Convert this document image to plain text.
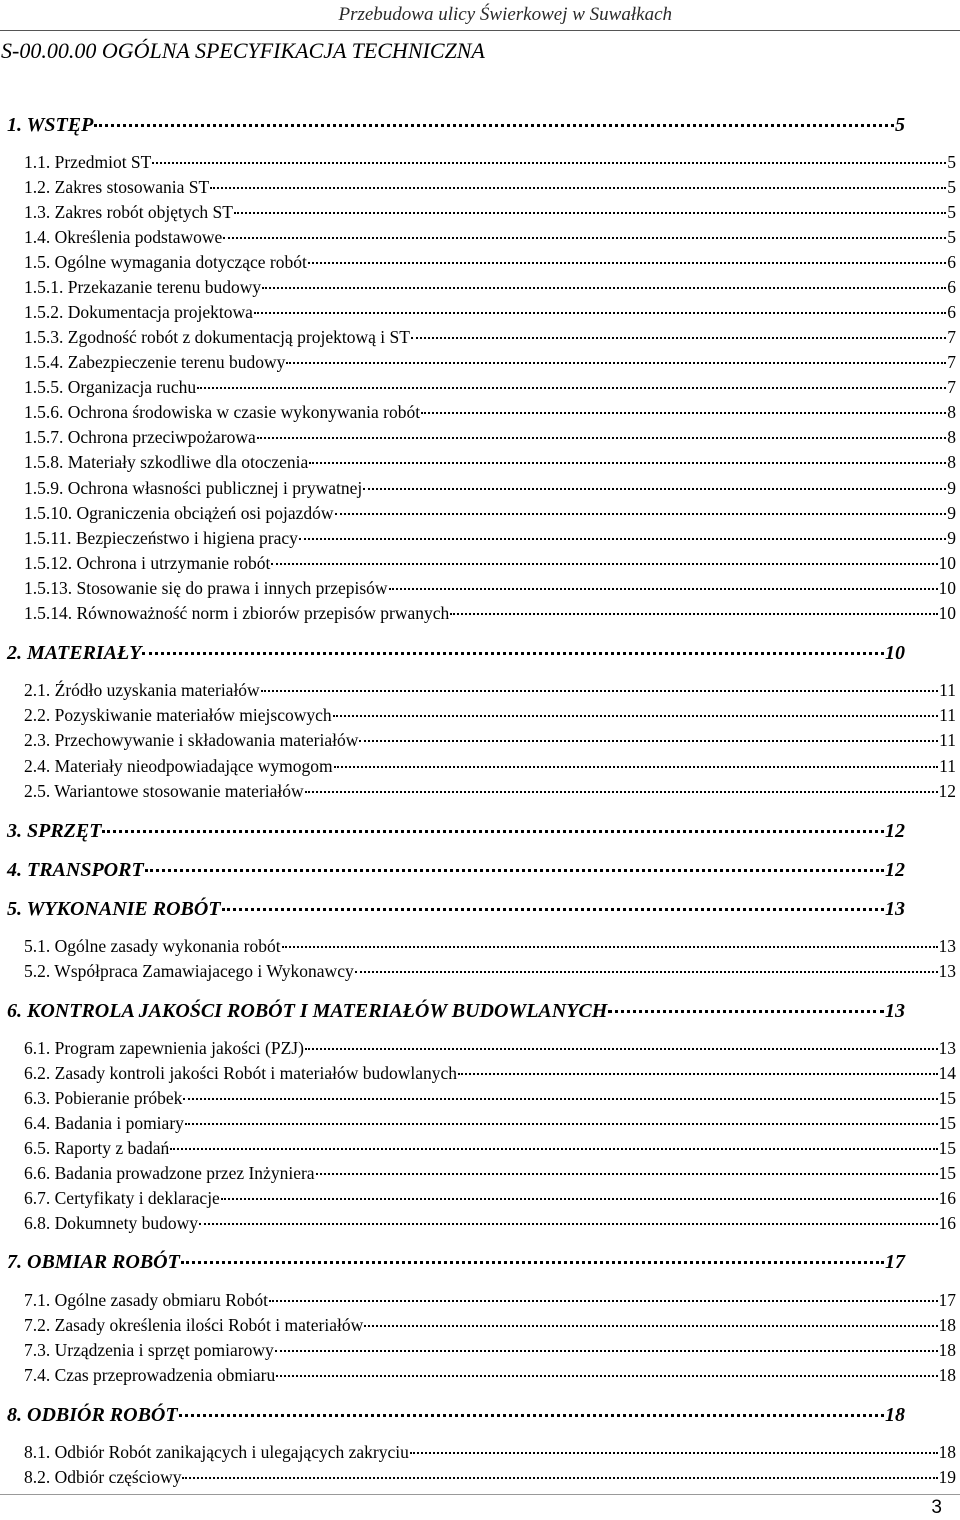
Przebudowa ulicy Świerkowej w Suwałkach
S-00.00.00 OGÓLNA SPECYFIKACJA TECHNICZNA
1. WSTĘP	5
1.1. Przedmiot ST	5
1.2. Zakres stosowania ST	5
1.3. Zakres robót objętych ST	5
1.4. Określenia podstawowe	5
1.5. Ogólne wymagania dotyczące robót	6
1.5.1. Przekazanie terenu budowy	6
1.5.2. Dokumentacja projektowa	6
1.5.3. Zgodność robót z dokumentacją projektową i ST	7
1.5.4. Zabezpieczenie terenu budowy	7
1.5.5. Organizacja ruchu	7
1.5.6. Ochrona środowiska w czasie wykonywania robót	8
1.5.7. Ochrona przeciwpożarowa	8
1.5.8. Materiały szkodliwe dla otoczenia	8
1.5.9. Ochrona własności publicznej i prywatnej	9
1.5.10. Ograniczenia obciążeń osi pojazdów	9
1.5.11. Bezpieczeństwo i higiena pracy	9
1.5.12. Ochrona i utrzymanie robót	10
1.5.13. Stosowanie się do prawa i innych przepisów	10
1.5.14. Równoważność norm i zbiorów przepisów prwanych	10
2. MATERIAŁY	10
2.1. Źródło uzyskania materiałów	11
2.2. Pozyskiwanie materiałów miejscowych	11
2.3. Przechowywanie i składowania materiałów	11
2.4. Materiały nieodpowiadające wymogom	11
2.5. Wariantowe stosowanie materiałów	12
3. SPRZĘT	12
4. TRANSPORT	12
5. WYKONANIE ROBÓT	13
5.1. Ogólne zasady wykonania robót	13
5.2. Współpraca Zamawiajacego i Wykonawcy	13
6. KONTROLA JAKOŚCI ROBÓT I MATERIAŁÓW BUDOWLANYCH	13
6.1. Program zapewnienia jakości (PZJ)	13
6.2. Zasady kontroli jakości Robót i materiałów budowlanych	14
6.3. Pobieranie próbek	15
6.4. Badania i pomiary	15
6.5. Raporty z badań	15
6.6. Badania prowadzone przez Inżyniera	15
6.7. Certyfikaty i deklaracje	16
6.8. Dokumnety budowy	16
7. OBMIAR ROBÓT	17
7.1. Ogólne zasady obmiaru Robót	17
7.2. Zasady określenia ilości Robót i materiałów	18
7.3. Urządzenia i sprzęt pomiarowy	18
7.4. Czas przeprowadzenia obmiaru	18
8. ODBIÓR ROBÓT	18
8.1. Odbiór Robót zanikających i ulegających zakryciu	18
8.2. Odbiór częściowy	19
3
